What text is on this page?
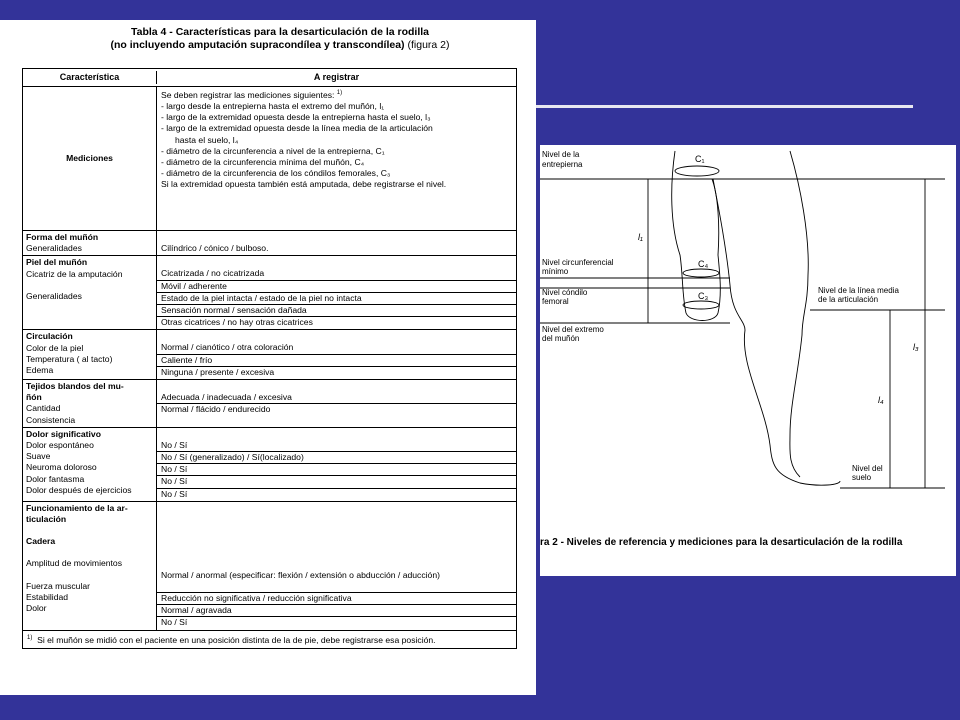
Tabla 4 - Características para la desarticulación de la rodilla
(no incluyendo amputación supracondílea y transcondílea) (figura 2)
Característica	A registrar
Mediciones
Se deben registrar las mediciones siguientes: $^{1)}$
- largo desde la entrepierna hasta el extremo del muñón, l₁
- largo de la extremidad opuesta desde la entrepierna hasta el suelo, l₃
- largo de la extremidad opuesta desde la línea media de la articulación
hasta el suelo, l₄
- diámetro de la circunferencia a nivel de la entrepierna, C₁
- diámetro de la circunferencia mínima del muñón, C₄
- diámetro de la circunferencia de los cóndilos femorales, C₃
Si la extremidad opuesta también está amputada, debe registrarse el nivel.
Forma del muñón
Generalidades	Cilíndrico / cónico / bulboso.
Piel del muñón
Cicatriz de la amputación
Generalidades
Cicatrizada / no cicatrizada
Móvil / adherente
Estado de la piel intacta / estado de la piel no intacta
Sensación normal / sensación dañada
Otras cicatrices / no hay otras cicatrices
Circulación
Color de la piel
Temperatura ( al tacto)
Edema
Normal / cianótico / otra coloración
Caliente / frío
Ninguna / presente / excesiva
Tejidos blandos del mu-
ñón
Cantidad
Consistencia
Adecuada / inadecuada / excesiva
Normal / flácido / endurecido
Dolor significativo
Dolor espontáneo
Suave
Neuroma doloroso
Dolor fantasma
Dolor después de ejercicios
No / Sí
No / Sí (generalizado) / Sí(localizado)
No / Sí
No / Sí
No / Sí
Funcionamiento de la ar-
ticulación
Cadera
Amplitud de movimientos
Fuerza muscular
Estabilidad
Dolor
Normal / anormal (especificar: flexión / extensión o abducción / aducción)
Reducción no significativa / reducción significativa
Normal / agravada
No / Sí
$^{1)}$ Si el muñón se midió con el paciente en una posición distinta de la de pie, debe registrarse esa posición.
Nivel de la
entrepierna
C₁
Nivel circunferencial
mínimo
C₄
Nivel cóndilo
femoral
C₃
Nivel del extremo
del muñón
Nivel de la línea media
de la articulación
Nivel del
suelo
l₁
l₃
l₄
ra 2 - Niveles de referencia y mediciones para la desarticulación de la rodilla
